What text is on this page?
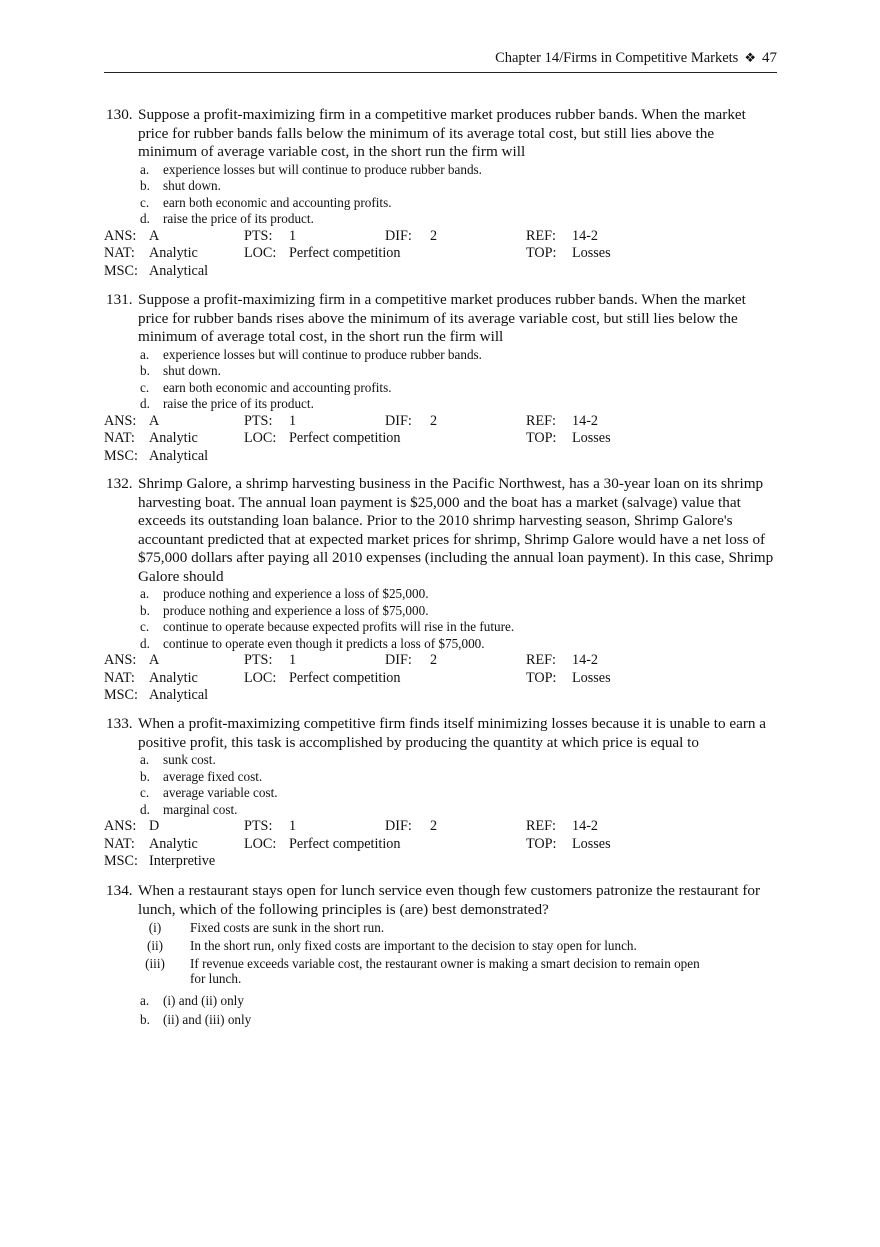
Chapter 14/Firms in Competitive Markets ❖ 47
130. Suppose a profit-maximizing firm in a competitive market produces rubber bands. When the market price for rubber bands falls below the minimum of its average total cost, but still lies above the minimum of average variable cost, in the short run the firm will
a. experience losses but will continue to produce rubber bands.
b. shut down.
c. earn both economic and accounting profits.
d. raise the price of its product.
ANS: A	PTS: 1	DIF: 2	REF: 14-2
NAT: Analytic	LOC: Perfect competition	TOP: Losses
MSC: Analytical
131. Suppose a profit-maximizing firm in a competitive market produces rubber bands. When the market price for rubber bands rises above the minimum of its average variable cost, but still lies below the minimum of average total cost, in the short run the firm will
a. experience losses but will continue to produce rubber bands.
b. shut down.
c. earn both economic and accounting profits.
d. raise the price of its product.
ANS: A	PTS: 1	DIF: 2	REF: 14-2
NAT: Analytic	LOC: Perfect competition	TOP: Losses
MSC: Analytical
132. Shrimp Galore, a shrimp harvesting business in the Pacific Northwest, has a 30-year loan on its shrimp harvesting boat. The annual loan payment is $25,000 and the boat has a market (salvage) value that exceeds its outstanding loan balance. Prior to the 2010 shrimp harvesting season, Shrimp Galore's accountant predicted that at expected market prices for shrimp, Shrimp Galore would have a net loss of $75,000 dollars after paying all 2010 expenses (including the annual loan payment). In this case, Shrimp Galore should
a. produce nothing and experience a loss of $25,000.
b. produce nothing and experience a loss of $75,000.
c. continue to operate because expected profits will rise in the future.
d. continue to operate even though it predicts a loss of $75,000.
ANS: A	PTS: 1	DIF: 2	REF: 14-2
NAT: Analytic	LOC: Perfect competition	TOP: Losses
MSC: Analytical
133. When a profit-maximizing competitive firm finds itself minimizing losses because it is unable to earn a positive profit, this task is accomplished by producing the quantity at which price is equal to
a. sunk cost.
b. average fixed cost.
c. average variable cost.
d. marginal cost.
ANS: D	PTS: 1	DIF: 2	REF: 14-2
NAT: Analytic	LOC: Perfect competition	TOP: Losses
MSC: Interpretive
134. When a restaurant stays open for lunch service even though few customers patronize the restaurant for lunch, which of the following principles is (are) best demonstrated?
(i)	Fixed costs are sunk in the short run.
(ii)	In the short run, only fixed costs are important to the decision to stay open for lunch.
(iii)	If revenue exceeds variable cost, the restaurant owner is making a smart decision to remain open for lunch.
a. (i) and (ii) only
b. (ii) and (iii) only
